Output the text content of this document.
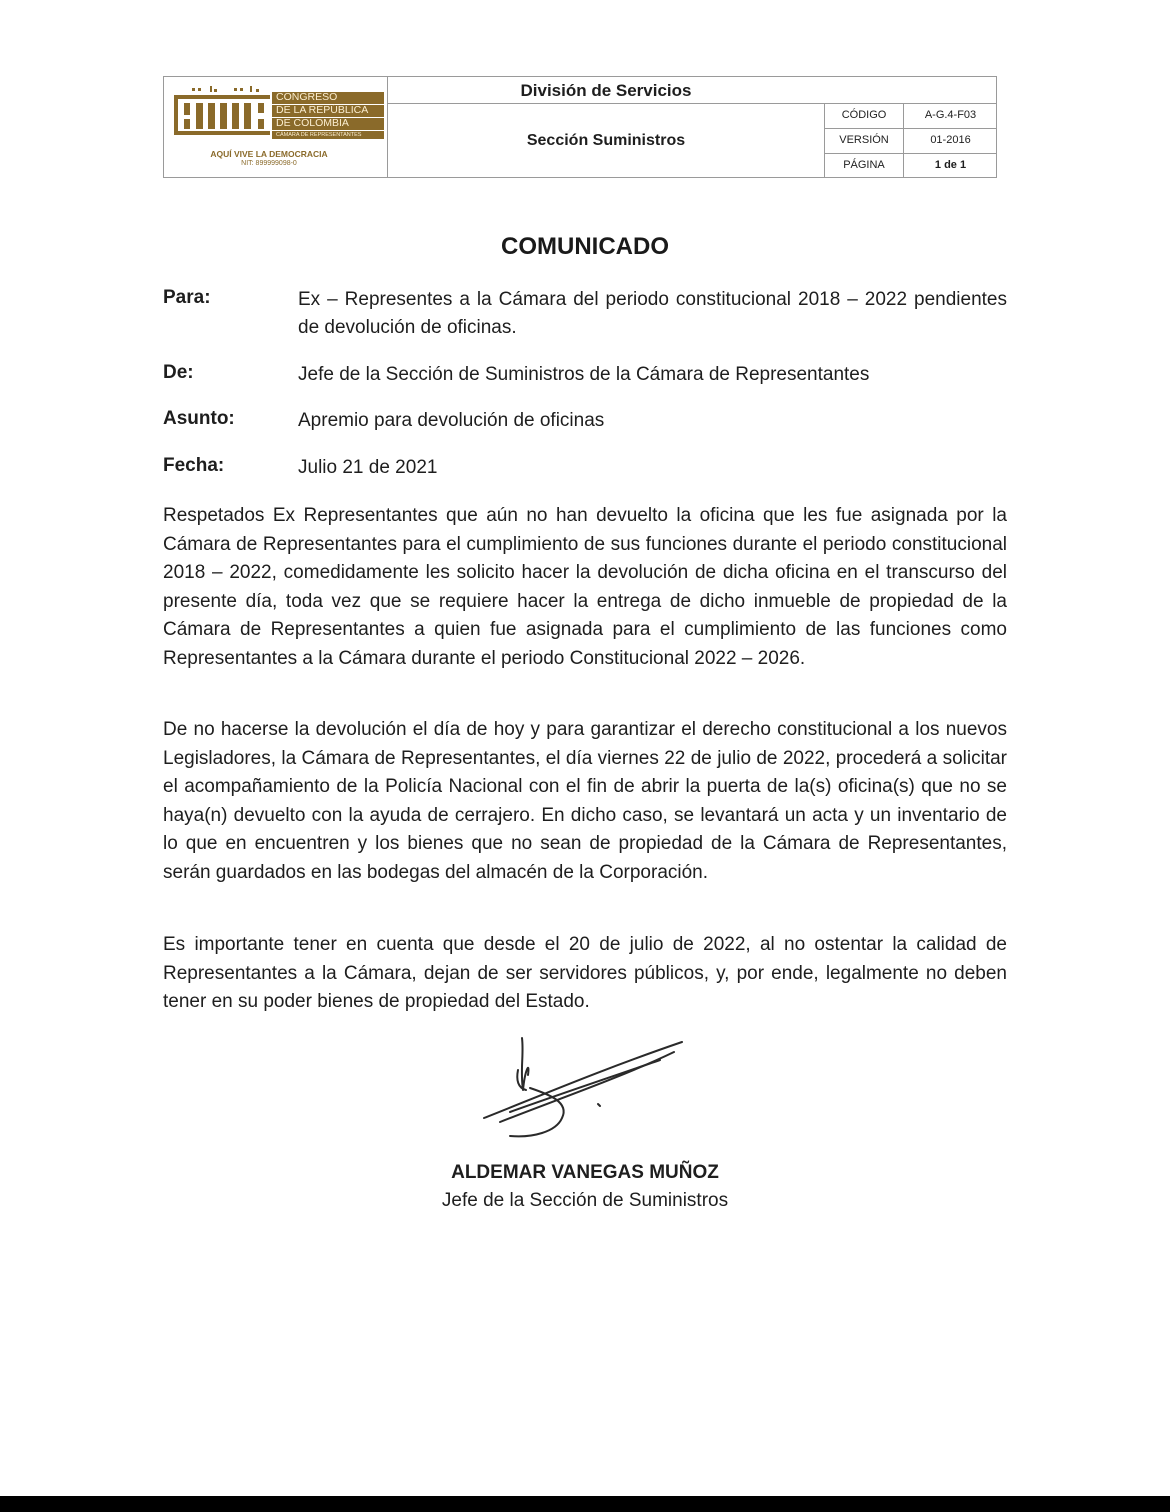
CONGRESO
DE LA REPÚBLICA
DE COLOMBIA
CÁMARA DE REPRESENTANTES
AQUÍ VIVE LA DEMOCRACIA
NIT: 899999098-0
División de Servicios
Sección Suministros
CÓDIGO	A-G.4-F03
VERSIÓN	01-2016
PÁGINA	1 de 1
COMUNICADO
Para:	Ex – Represente​s a la Cámara del periodo constitucional 2018 – 2022 pendientes de devolución de oficinas.
De:	Jefe de la Sección de Suministros de la Cámara de Representantes
Asunto:	Apremio para devolución de oficinas
Fecha:	Julio 21 de 2021

Respetados Ex Representantes que aún no han devuelto la oficina que les fue asignada por la Cámara de Representantes para el cumplimiento de sus funciones durante el periodo constitucional 2018 – 2022, comedidamente les solicito hacer la devolución de dicha oficina en el transcurso del presente día, toda vez que se requiere hacer la entrega de dicho inmueble de propiedad de la Cámara de Representantes a quien fue asignada para el cumplimiento de las funciones como Representantes a la Cámara durante el periodo Constitucional 2022 – 2026.

De no hacerse la devolución el día de hoy y para garantizar el derecho constitucional a los nuevos Legisladores, la Cámara de Representantes, el día viernes 22 de julio de 2022, procederá a solicitar el acompañamiento de la Policía Nacional con el fin de abrir la puerta de la(s) oficina(s) que no se haya(n) devuelto con la ayuda de cerrajero. En dicho caso, se levantará un acta y un inventario de lo que en encuentren y los bienes que no sean de propiedad de la Cámara de Representantes, serán guardados en las bodegas del almacén de la Corporación.

Es importante tener en cuenta que desde el 20 de julio de 2022, al no ostentar la calidad de Representantes a la Cámara, dejan de ser servidores públicos, y, por ende, legalmente no deben tener en su poder bienes de propiedad del Estado.

ALDEMAR VANEGAS MUÑOZ
Jefe de la Sección de Suministros
